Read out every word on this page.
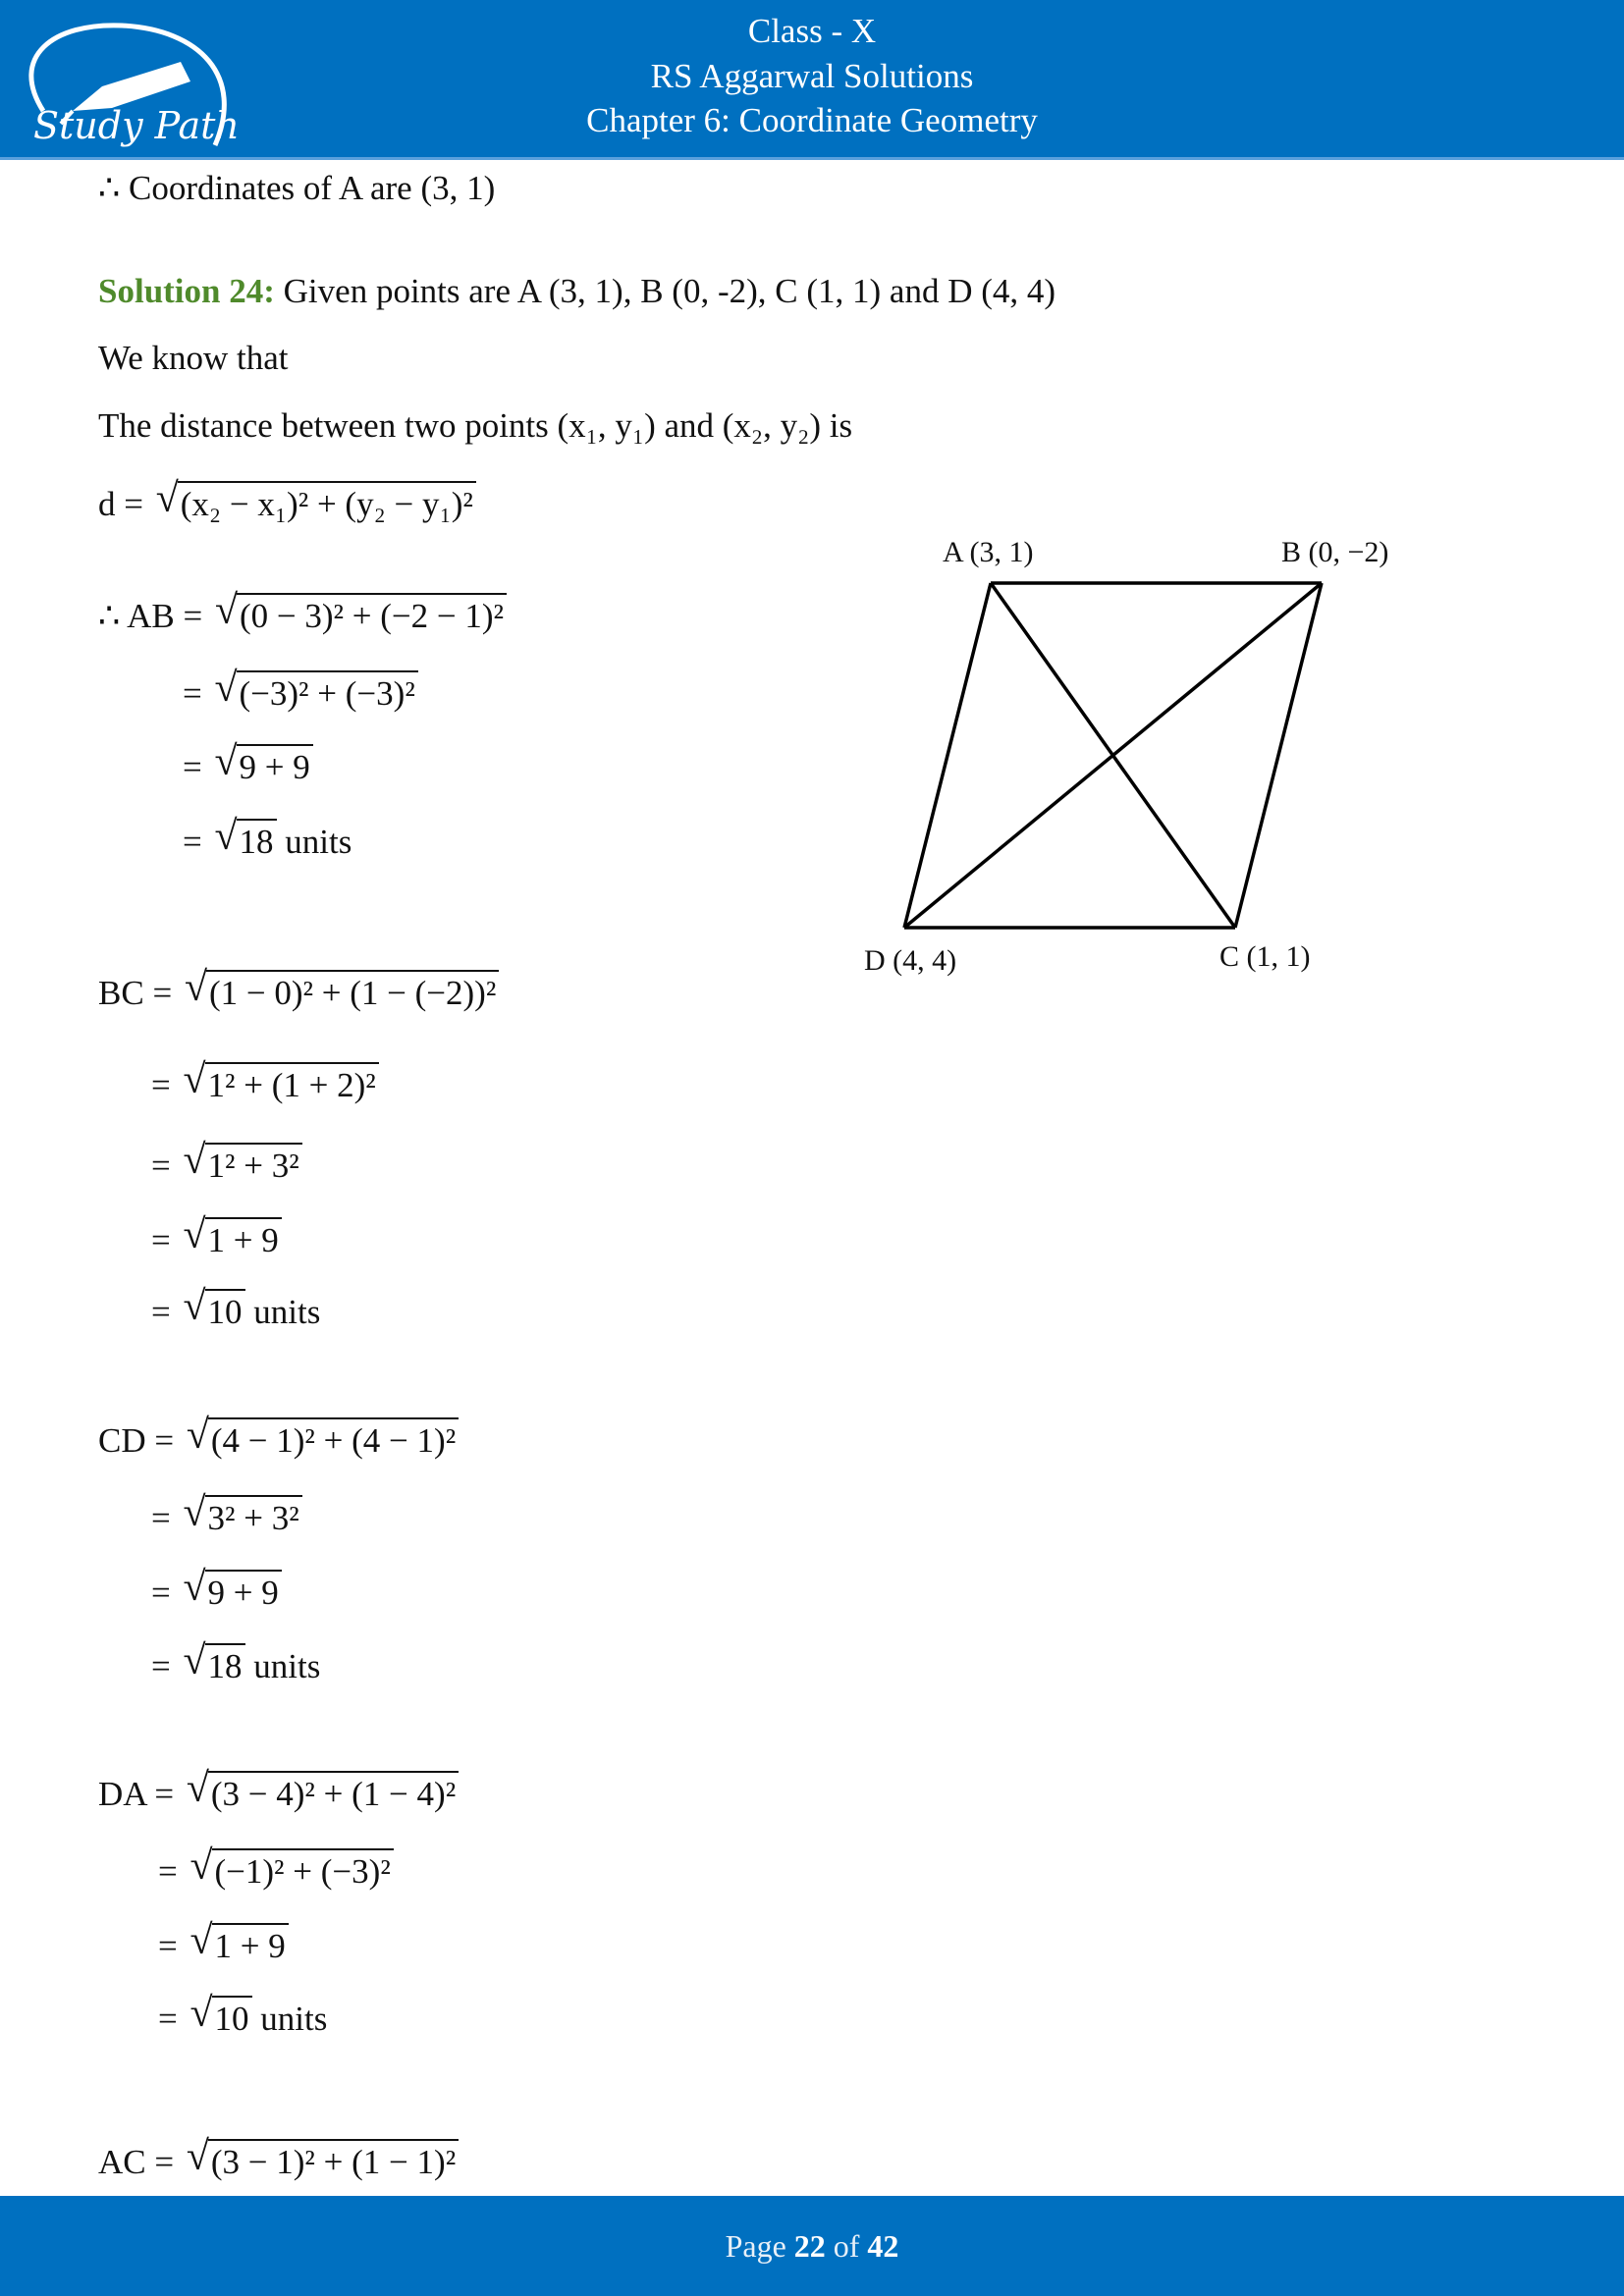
Study Path
Class - X
RS Aggarwal Solutions
Chapter 6: Coordinate Geometry
∴ Coordinates of A are (3, 1)
Solution 24: Given points are A (3, 1), B (0, -2), C (1, 1) and D (4, 4)
We know that
The distance between two points (x₁, y₁) and (x₂, y₂) is
d = √ (x₂ − x₁)² + (y₂ − y₁)²
∴ AB = √ (0 − 3)² + (−2 − 1)²
= √ (−3)² + (−3)²
= √ 9 + 9
= √ 18 units
BC = √ (1 − 0)² + (1 − (−2))²
= √ 1² + (1 + 2)²
= √ 1² + 3²
= √ 1 + 9
= √ 10 units
CD = √ (4 − 1)² + (4 − 1)²
= √ 3² + 3²
= √ 9 + 9
= √ 18 units
DA = √ (3 − 4)² + (1 − 4)²
= √ (−1)² + (−3)²
= √ 1 + 9
= √ 10 units
AC = √ (3 − 1)² + (1 − 1)²
A (3, 1)	B (0, −2)
C (1, 1)
D (4, 4)
Page 22 of 42
